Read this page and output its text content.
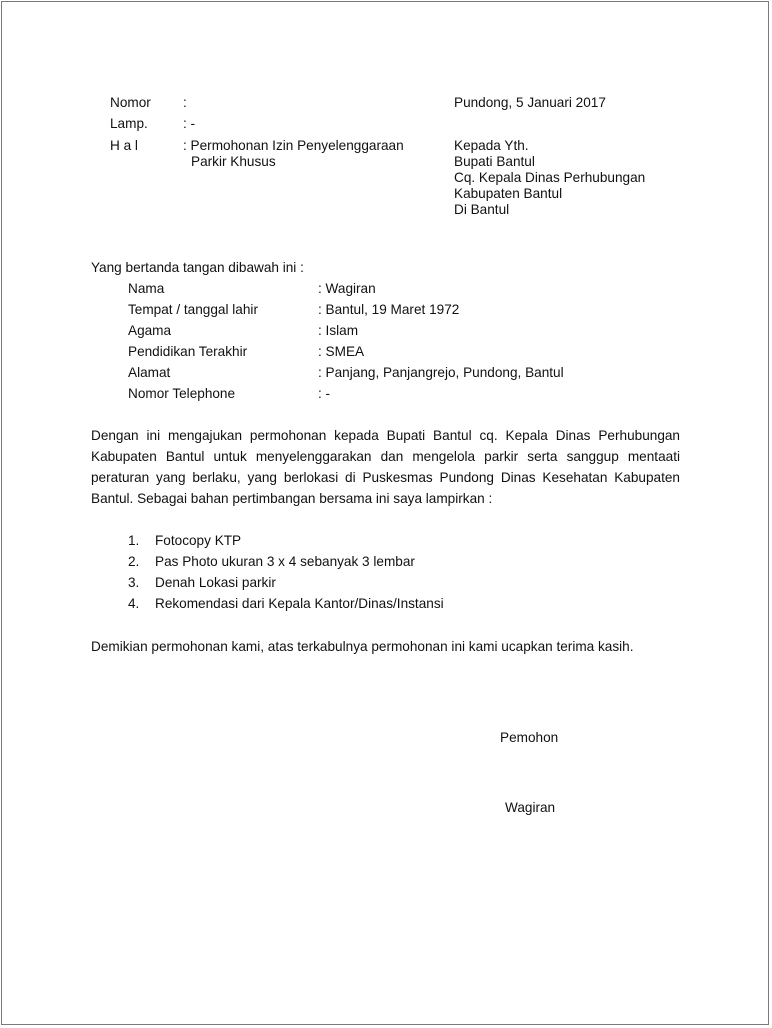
Nomor :
Lamp.	: -
H a l	: Permohonan Izin Penyelenggaraan
Parkir Khusus
Pundong, 5 Januari 2017
Kepada Yth.
Bupati Bantul
Cq. Kepala Dinas Perhubungan
Kabupaten Bantul
Di Bantul
Yang bertanda tangan dibawah ini :
Nama	: Wagiran
Tempat / tanggal lahir	: Bantul, 19 Maret 1972
Agama	: Islam
Pendidikan Terakhir	: SMEA
Alamat	: Panjang, Panjangrejo, Pundong, Bantul
Nomor Telephone	: -
Dengan ini mengajukan permohonan kepada Bupati Bantul cq. Kepala Dinas Perhubungan Kabupaten Bantul untuk menyelenggarakan dan mengelola parkir serta sanggup mentaati peraturan yang berlaku, yang berlokasi di Puskesmas Pundong Dinas Kesehatan Kabupaten Bantul. Sebagai bahan pertimbangan bersama ini saya lampirkan :
1. Fotocopy KTP
2. Pas Photo ukuran 3 x 4 sebanyak 3 lembar
3. Denah Lokasi parkir
4. Rekomendasi dari Kepala Kantor/Dinas/Instansi
Demikian permohonan kami, atas terkabulnya permohonan ini kami ucapkan terima kasih.
Pemohon
Wagiran
